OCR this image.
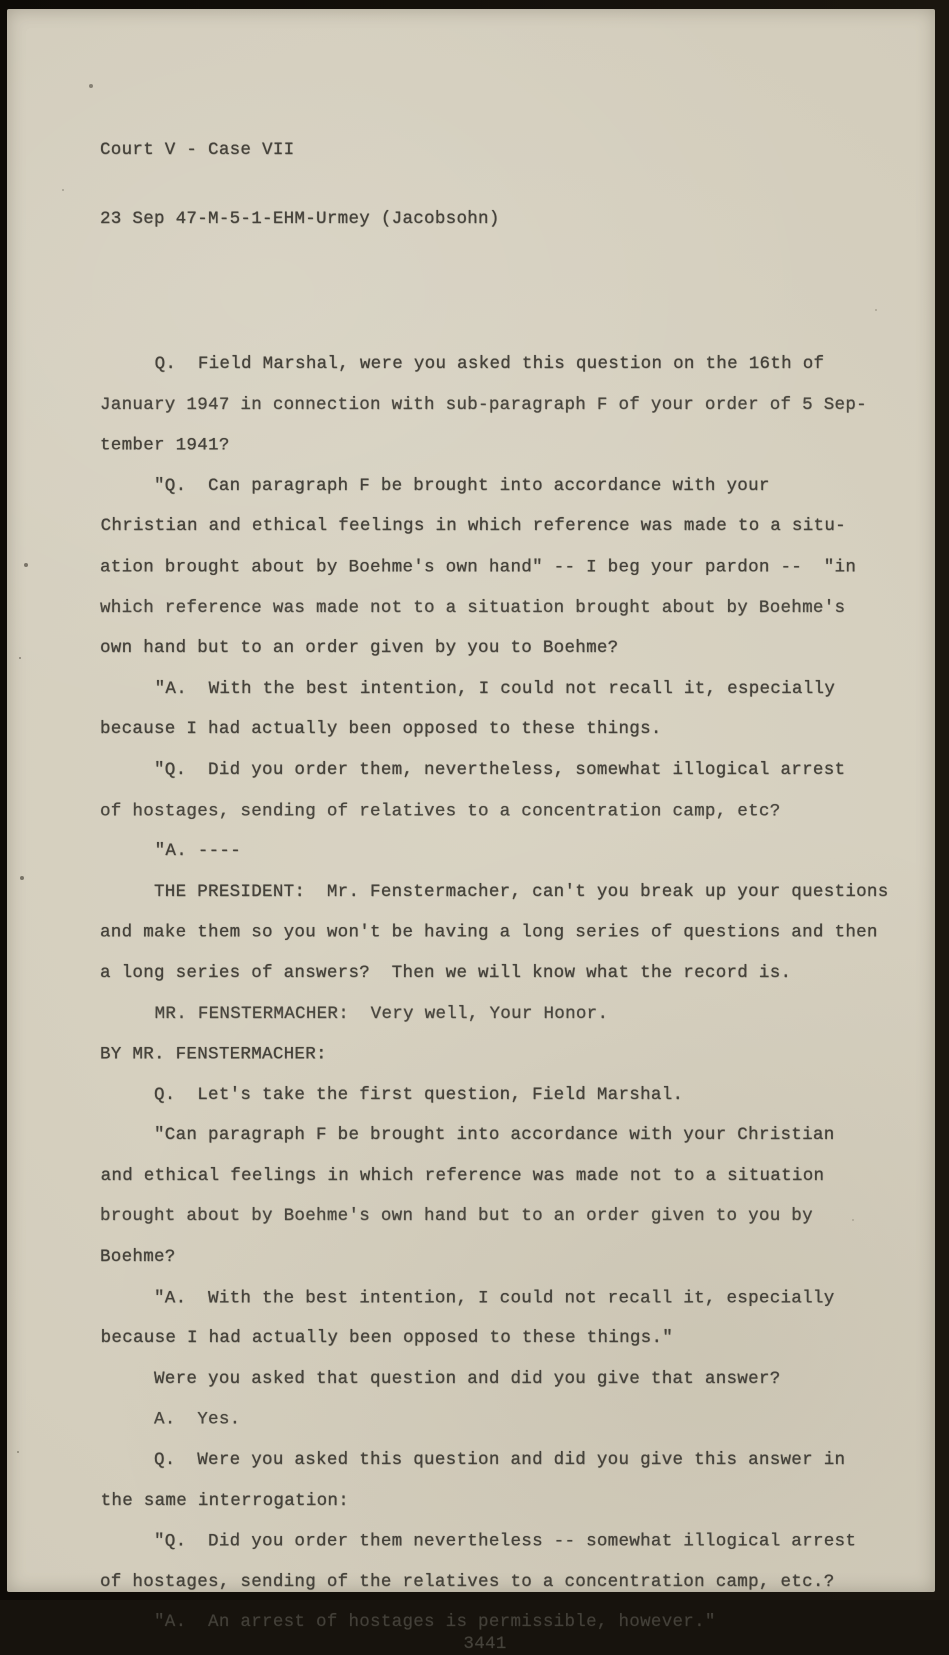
Court V - Case VII

23 Sep 47-M-5-1-EHM-Urmey (Jacobsohn)

Q.  Field Marshal, were you asked this question on the 16th of
January 1947 in connection with sub-paragraph F of your order of 5 Sep-
tember 1941?
"Q.  Can paragraph F be brought into accordance with your
Christian and ethical feelings in which reference was made to a situ-
ation brought about by Boehme's own hand" -- I beg your pardon --  "in
which reference was made not to a situation brought about by Boehme's
own hand but to an order given by you to Boehme?
"A.  With the best intention, I could not recall it, especially
because I had actually been opposed to these things.
"Q.  Did you order them, nevertheless, somewhat illogical arrest
of hostages, sending of relatives to a concentration camp, etc?
"A. ----
THE PRESIDENT:  Mr. Fenstermacher, can't you break up your questions
and make them so you won't be having a long series of questions and then
a long series of answers?  Then we will know what the record is.
MR. FENSTERMACHER:  Very well, Your Honor.
BY MR. FENSTERMACHER:
Q.  Let's take the first question, Field Marshal.
"Can paragraph F be brought into accordance with your Christian
and ethical feelings in which reference was made not to a situation
brought about by Boehme's own hand but to an order given to you by
Boehme?
"A.  With the best intention, I could not recall it, especially
because I had actually been opposed to these things."
Were you asked that question and did you give that answer?
A.  Yes.
Q.  Were you asked this question and did you give this answer in
the same interrogation:
"Q.  Did you order them nevertheless -- somewhat illogical arrest
of hostages, sending of the relatives to a concentration camp, etc.?
"A.  An arrest of hostages is permissible, however."
3441
